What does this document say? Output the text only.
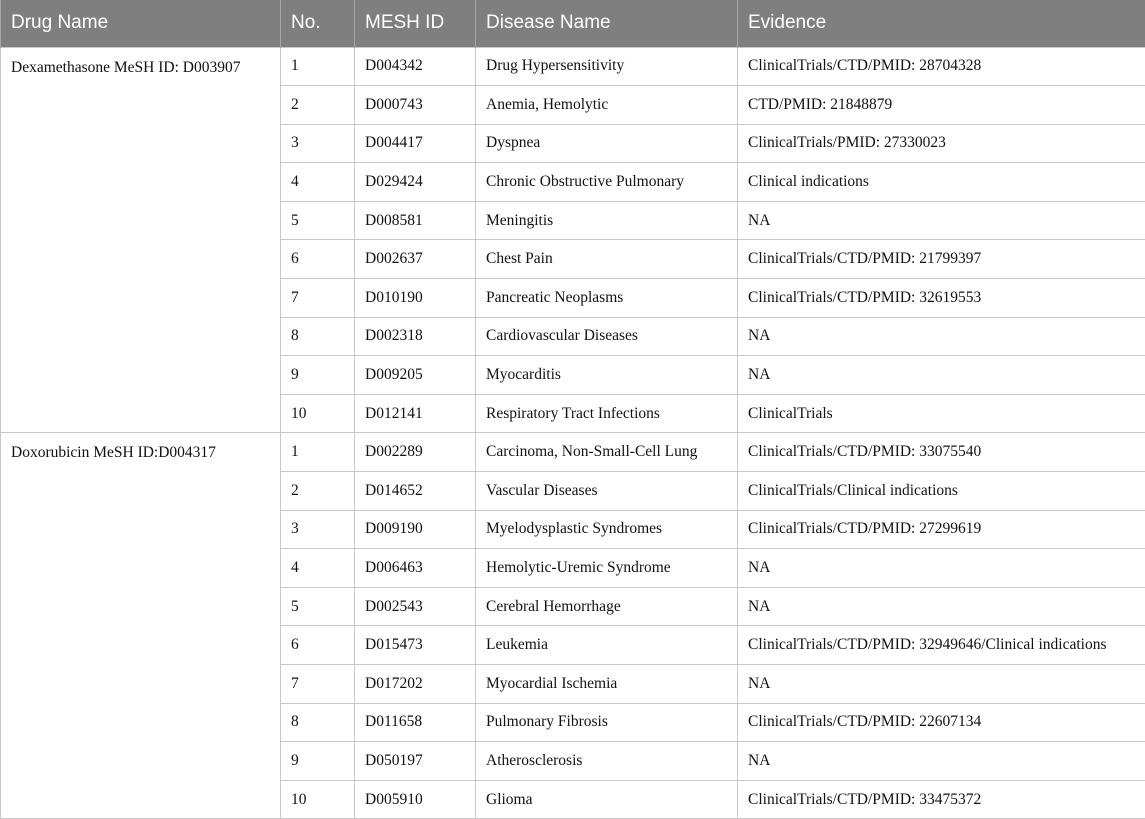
Drug Name	No.	MESH ID	Disease Name	Evidence
Dexamethasone MeSH ID: D003907	1	D004342	Drug Hypersensitivity	ClinicalTrials/CTD/PMID: 28704328
	2	D000743	Anemia, Hemolytic	CTD/PMID: 21848879
	3	D004417	Dyspnea	ClinicalTrials/PMID: 27330023
	4	D029424	Chronic Obstructive Pulmonary	Clinical indications
	5	D008581	Meningitis	NA
	6	D002637	Chest Pain	ClinicalTrials/CTD/PMID: 21799397
	7	D010190	Pancreatic Neoplasms	ClinicalTrials/CTD/PMID: 32619553
	8	D002318	Cardiovascular Diseases	NA
	9	D009205	Myocarditis	NA
	10	D012141	Respiratory Tract Infections	ClinicalTrials
Doxorubicin MeSH ID:D004317	1	D002289	Carcinoma, Non-Small-Cell Lung	ClinicalTrials/CTD/PMID: 33075540
	2	D014652	Vascular Diseases	ClinicalTrials/Clinical indications
	3	D009190	Myelodysplastic Syndromes	ClinicalTrials/CTD/PMID: 27299619
	4	D006463	Hemolytic-Uremic Syndrome	NA
	5	D002543	Cerebral Hemorrhage	NA
	6	D015473	Leukemia	ClinicalTrials/CTD/PMID: 32949646/Clinical indications
	7	D017202	Myocardial Ischemia	NA
	8	D011658	Pulmonary Fibrosis	ClinicalTrials/CTD/PMID: 22607134
	9	D050197	Atherosclerosis	NA
	10	D005910	Glioma	ClinicalTrials/CTD/PMID: 33475372
